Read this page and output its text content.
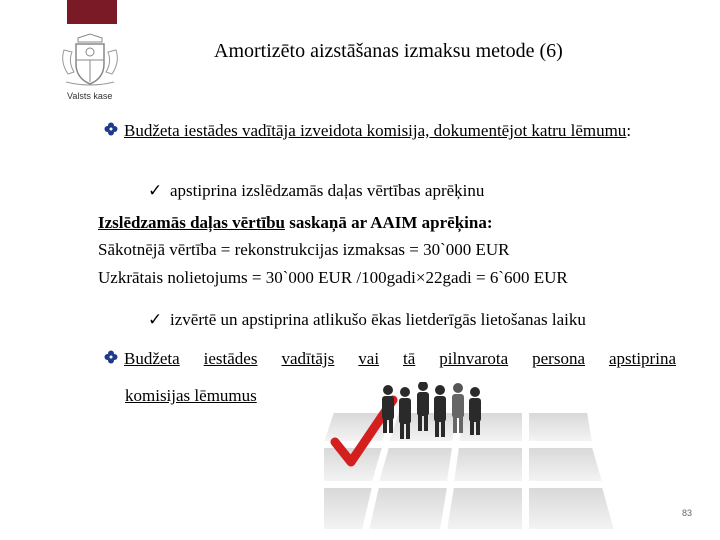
Valsts kase
Amortizēto aizstāšanas izmaksu metode (6)
Budžeta iestādes vadītāja izveidota komisija, dokumentējot katru lēmumu:
✓ apstiprina izslēdzamās daļas vērtības aprēķinu
Izslēdzamās daļas vērtību saskaņā ar AAIM aprēķina:
Sākotnējā vērtība = rekonstrukcijas izmaksas = 30`000 EUR
Uzkrātais nolietojums = 30`000 EUR /100gadi×22gadi = 6`600 EUR
✓ izvērtē un apstiprina atlikušo ēkas lietderīgās lietošanas laiku
Budžeta iestādes vadītājs vai tā pilnvarota persona apstiprina
komisijas lēmumus
83
